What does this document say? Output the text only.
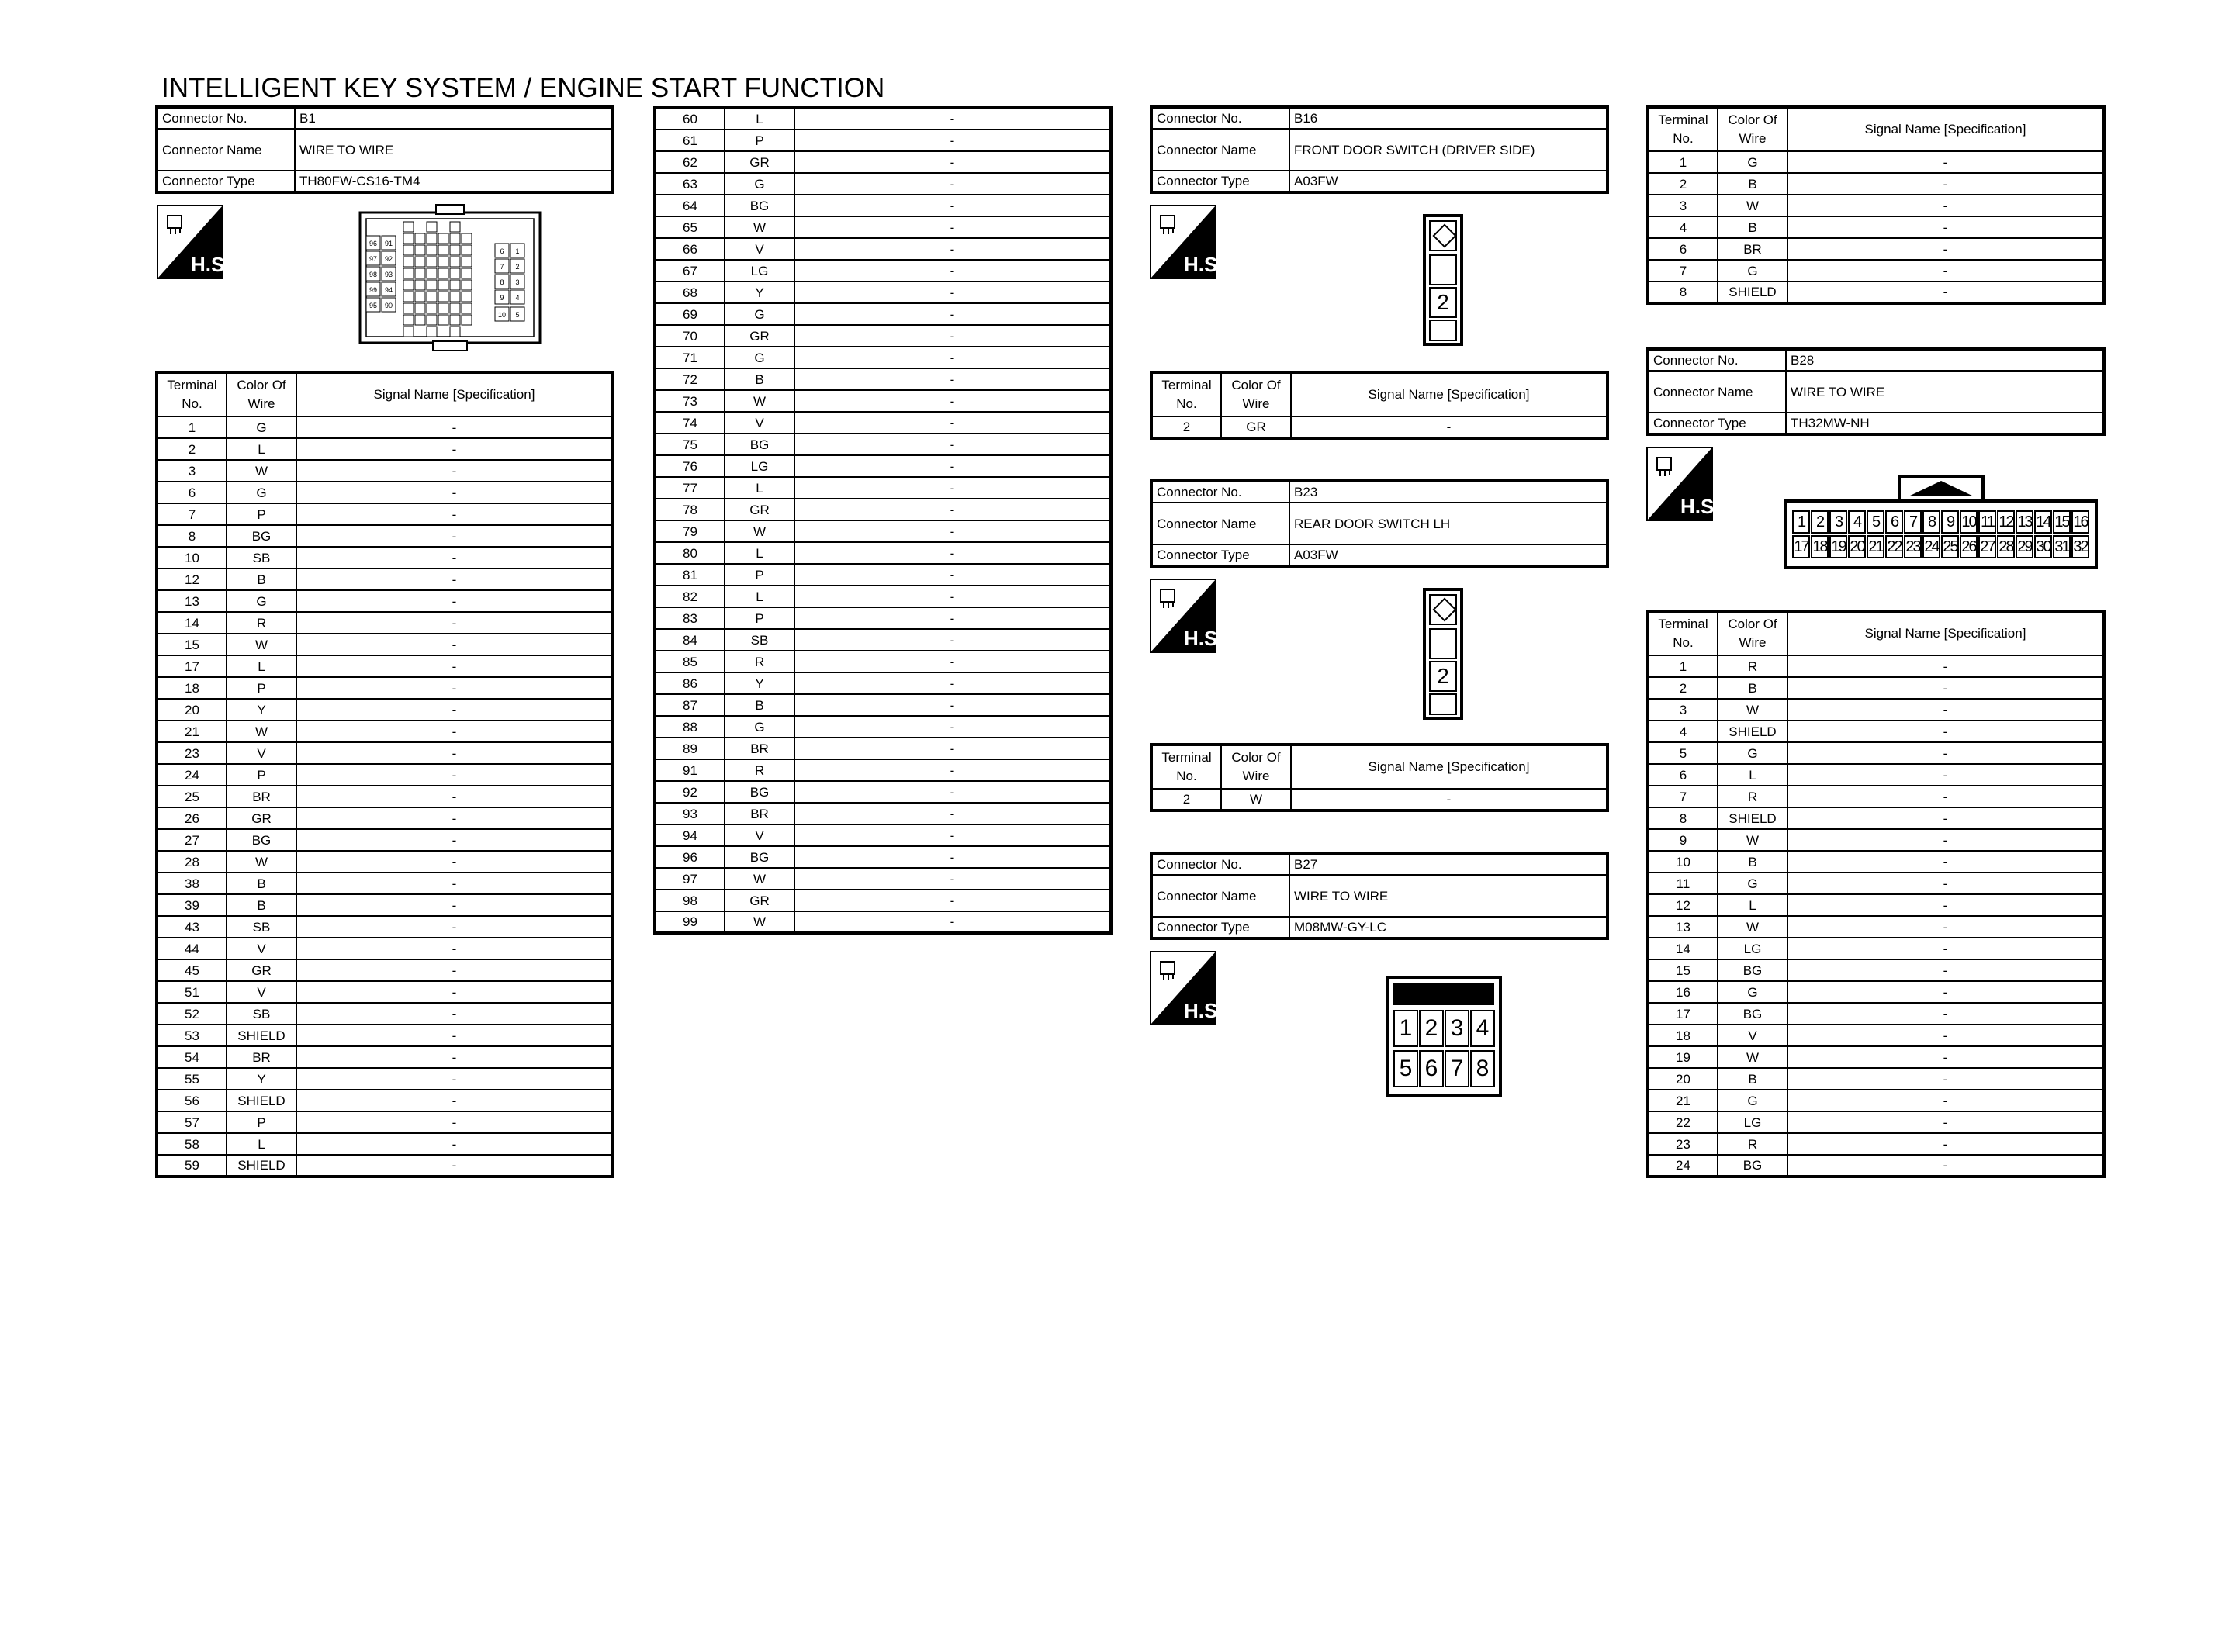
INTELLIGENT KEY SYSTEM / ENGINE START FUNCTION
Connector No.	B1
Connector Name	WIRE TO WIRE
Connector Type	TH80FW-CS16-TM4
H.S.
96 91
97 92
98 93
99 94
95 90
6 1
7 2
8 3
9 4
10 5
Terminal No.	Color Of Wire	Signal Name [Specification]
1	G	-
2	L	-
3	W	-
6	G	-
7	P	-
8	BG	-
10	SB	-
12	B	-
13	G	-
14	R	-
15	W	-
17	L	-
18	P	-
20	Y	-
21	W	-
23	V	-
24	P	-
25	BR	-
26	GR	-
27	BG	-
28	W	-
38	B	-
39	B	-
43	SB	-
44	V	-
45	GR	-
51	V	-
52	SB	-
53	SHIELD	-
54	BR	-
55	Y	-
56	SHIELD	-
57	P	-
58	L	-
59	SHIELD	-
60	L	-
61	P	-
62	GR	-
63	G	-
64	BG	-
65	W	-
66	V	-
67	LG	-
68	Y	-
69	G	-
70	GR	-
71	G	-
72	B	-
73	W	-
74	V	-
75	BG	-
76	LG	-
77	L	-
78	GR	-
79	W	-
80	L	-
81	P	-
82	L	-
83	P	-
84	SB	-
85	R	-
86	Y	-
87	B	-
88	G	-
89	BR	-
91	R	-
92	BG	-
93	BR	-
94	V	-
96	BG	-
97	W	-
98	GR	-
99	W	-
Connector No.	B16
Connector Name	FRONT DOOR SWITCH (DRIVER SIDE)
Connector Type	A03FW
H.S.
2
Terminal No.	Color Of Wire	Signal Name [Specification]
2	GR	-
Connector No.	B23
Connector Name	REAR DOOR SWITCH LH
Connector Type	A03FW
H.S.
2
Terminal No.	Color Of Wire	Signal Name [Specification]
2	W	-
Connector No.	B27
Connector Name	WIRE TO WIRE
Connector Type	M08MW-GY-LC
H.S.
1 2 3 4
5 6 7 8
Terminal No.	Color Of Wire	Signal Name [Specification]
1	G	-
2	B	-
3	W	-
4	B	-
6	BR	-
7	G	-
8	SHIELD	-
Connector No.	B28
Connector Name	WIRE TO WIRE
Connector Type	TH32MW-NH
H.S.
1 2 3 4 5 6 7 8 9 10 11 12 13 14 15 16
17 18 19 20 21 22 23 24 25 26 27 28 29 30 31 32
Terminal No.	Color Of Wire	Signal Name [Specification]
1	R	-
2	B	-
3	W	-
4	SHIELD	-
5	G	-
6	L	-
7	R	-
8	SHIELD	-
9	W	-
10	B	-
11	G	-
12	L	-
13	W	-
14	LG	-
15	BG	-
16	G	-
17	BG	-
18	V	-
19	W	-
20	B	-
21	G	-
22	LG	-
23	R	-
24	BG	-
